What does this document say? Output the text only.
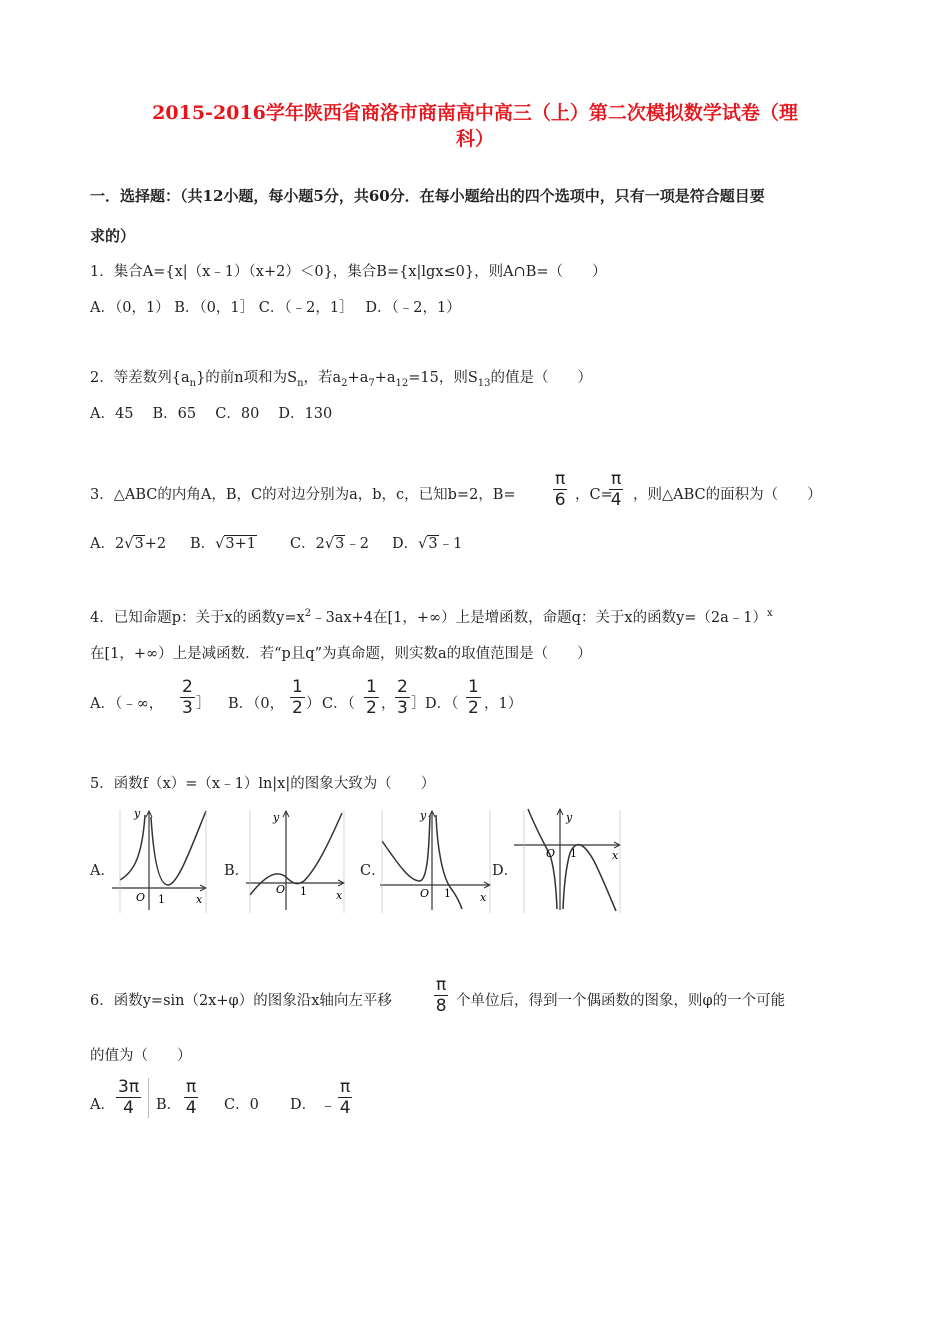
2015-2016学年陕西省商洛市商南高中高三（上）第二次模拟数学试卷（理
科）
一．选择题：（共12小题，每小题5分，共60分．在每小题给出的四个选项中，只有一项是符合题目要
求的）
1．集合A={x|（x﹣1）（x+2）＜0}，集合B={x|lgx≤0}，则A∩B=（　　）
A．（0，1） B．（0，1］ C．（﹣2，1］　 D．（﹣2，1）
2．等差数列$\{a_n\}$的前n项和为$S_n$，若$a_2+a_7+a_{12}=15$，则$S_{13}$的值是（　　）
A．45　 B．65　 C．80　 D．130
3．△ABC的内角A，B，C的对边分别为a，b，c，已知b=2，$B= \frac{\pi}{6}$ ，C=
$\frac{\pi}{4}$ ，则△ABC的面积为（　　）
A．2√3+2 B．√3+1 C．2√3﹣2 D．√3﹣1
4．已知命题p：关于x的函数$y=x^2﹣3ax+4$在[1，+∞）上是增函数，命题q：关于x的函数y=（2a﹣1）$^x$
在[1，+∞）上是减函数．若“p且q”为真命题，则实数a的取值范围是（　　）
A．（﹣∞， $\frac{2}{3}$ ］ B．（0， $\frac{1}{2}$ ） C．（ $\frac{1}{2}$ ， $\frac{2}{3}$ ］ D．（ $\frac{1}{2}$ ，1）
5．函数f（x）=（x﹣1）ln|x|的图象大致为（　　）
A．
y
x
O 1
B．
y
x
O 1
C．
y
x
O 1
D．
y
x
O 1
6．函数y=sin（2x+φ）的图象沿x轴向左平移 $\frac{\pi}{8}$ 个单位后，得到一个偶函数的图象，则φ的一个可能
的值为（　　）
A． $\frac{3\pi}{4}$ B． $\frac{\pi}{4}$ C．0 D． ﹣ $\frac{\pi}{4}$
